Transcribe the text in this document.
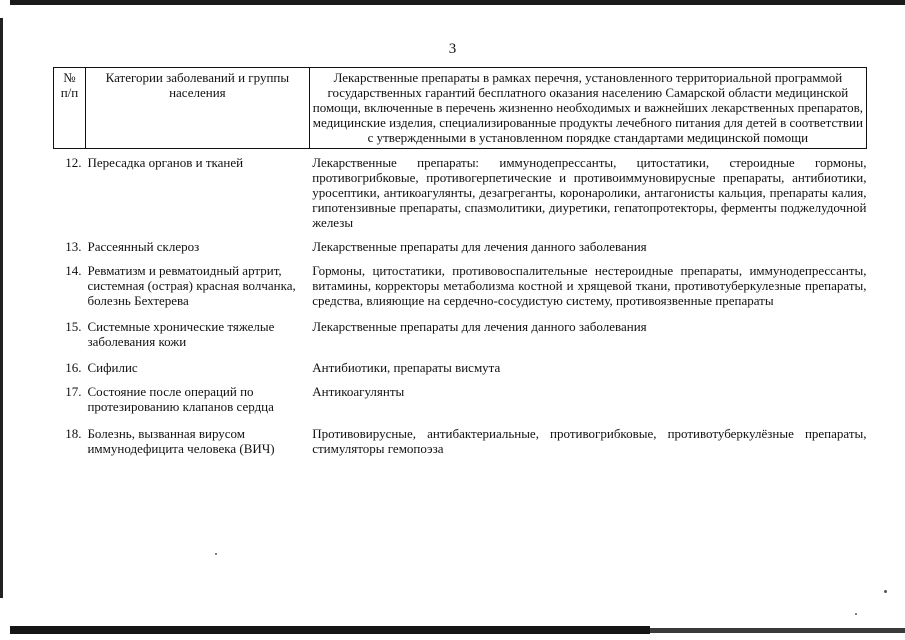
3
№ п/п	Категории заболеваний и группы населения	Лекарственные препараты в рамках перечня, установленного территориальной программой государственных гарантий бесплатного оказания населению Самарской области медицинской помощи, включенные в перечень жизненно необходимых и важнейших лекарственных препаратов, медицинские изделия, специализированные продукты лечебного питания для детей в соответствии с утвержденными в установленном порядке стандартами медицинской помощи
12.	Пересадка органов и тканей	Лекарственные препараты: иммунодепрессанты, цитостатики, стероидные гормоны, противогрибковые, противогерпетические и противоиммуновирусные препараты, антибиотики, уросептики, антикоагулянты, дезагреганты, коронаролики, антагонисты кальция, препараты калия, гипотензивные препараты, спазмолитики, диуретики, гепатопротекторы, ферменты поджелудочной железы
13.	Рассеянный склероз	Лекарственные препараты для лечения данного заболевания
14.	Ревматизм и ревматоидный артрит, системная (острая) красная волчанка, болезнь Бехтерева	Гормоны, цитостатики, противовоспалительные нестероидные препараты, иммунодепрессанты, витамины, корректоры метаболизма костной и хрящевой ткани, противотуберкулезные препараты, средства, влияющие на сердечно-сосудистую систему, противоязвенные препараты
15.	Системные хронические тяжелые заболевания кожи	Лекарственные препараты для лечения данного заболевания
16.	Сифилис	Антибиотики, препараты висмута
17.	Состояние после операций по протезированию клапанов сердца	Антикоагулянты
18.	Болезнь, вызванная вирусом иммунодефицита человека (ВИЧ)	Противовирусные, антибактериальные, противогрибковые, противотуберкулёзные препараты, стимуляторы гемопоэза
